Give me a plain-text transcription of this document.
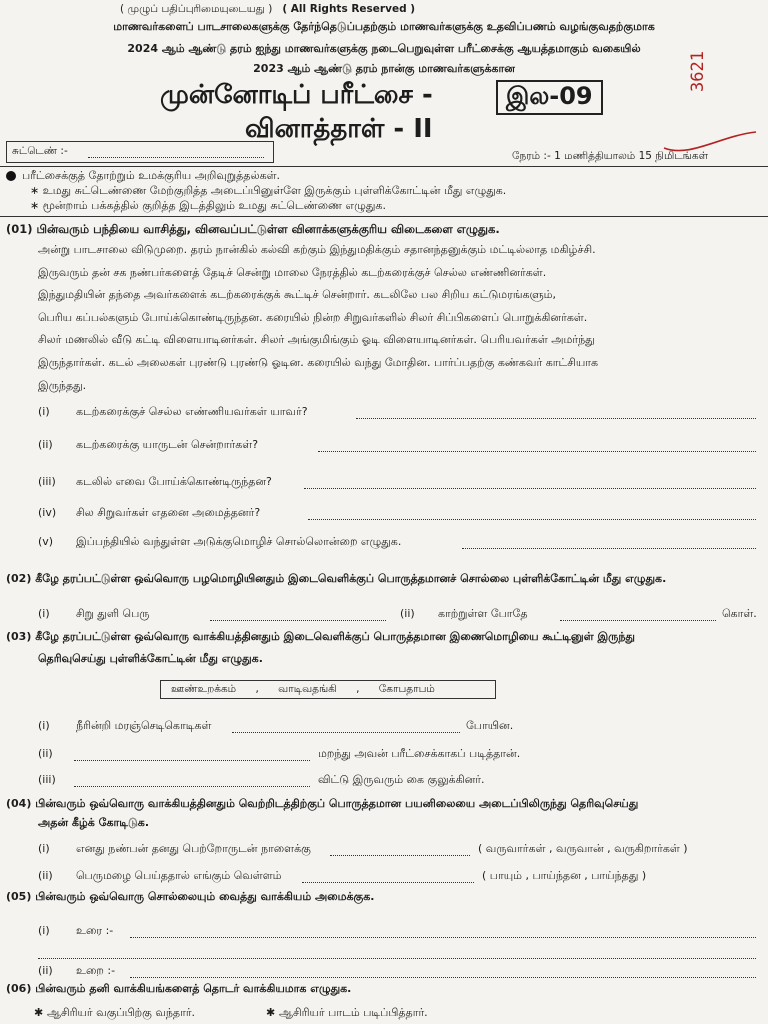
( முழுப் பதிப்புரிமையுடையது ) ( All Rights Reserved )
மாணவர்களைப் பாடசாலைகளுக்கு தேர்ந்தெடுப்பதற்கும் மாணவர்களுக்கு உதவிப்பணம் வழங்குவதற்குமாக
2024 ஆம் ஆண்டு தரம் ஐந்து மாணவர்களுக்கு நடைபெறுவுள்ள பரீட்சைக்கு ஆயத்தமாகும் வகையில்
2023 ஆம் ஆண்டு தரம் நான்கு மாணவர்களுக்கான
முன்னோடிப் பரீட்சை -	இல-09
வினாத்தாள் - II
3621
சுட்டெண் :-	நேரம் :- 1 மணித்தியாலம் 15 நிமிடங்கள்
பரீட்சைக்குத் தோற்றும் உமக்குரிய அறிவுறுத்தல்கள்.
∗ உமது சுட்டெண்ணை மேற்குறித்த அடைப்பினுள்ளே இருக்கும் புள்ளிக்கோட்டின் மீது எழுதுக.
∗ மூன்றாம் பக்கத்தில் குறித்த இடத்திலும் உமது சுட்டெண்ணை எழுதுக.
(01) பின்வரும் பந்தியை வாசித்து, வினவப்பட்டுள்ள வினாக்களுக்குரிய விடைகளை எழுதுக.
அன்று பாடசாலை விடுமுறை. தரம் நான்கில் கல்வி கற்கும் இந்துமதிக்கும் சதானந்தனுக்கும் மட்டில்லாத மகிழ்ச்சி.
இருவரும் தன் சக நண்பர்களைத் தேடிச் சென்று மாலை நேரத்தில் கடற்கரைக்குச் செல்ல எண்ணினர்கள்.
இந்துமதியின் தந்தை அவர்களைக் கடற்கரைக்குக் கூட்டிச் சென்றார். கடலிலே பல சிறிய கட்டுமரங்களும்,
பெரிய கப்பல்களும் போய்க்கொண்டிருந்தன. கரையில் நின்ற சிறுவர்களில் சிலர் சிப்பிகளைப் பொறுக்கினர்கள்.
சிலர் மணலில் வீடு கட்டி விளையாடினர்கள். சிலர் அங்குமிங்கும் ஓடி விளையாடினர்கள். பெரியவர்கள் அமர்ந்து
இருந்தார்கள். கடல் அலைகள் புரண்டு புரண்டு ஓடின. கரையில் வந்து மோதின. பார்ப்பதற்கு கண்கவர் காட்சியாக
இருந்தது.
(i) கடற்கரைக்குச் செல்ல எண்ணியவர்கள் யாவர்?
(ii) கடற்கரைக்கு யாருடன் சென்றார்கள்?
(iii) கடலில் எவை போய்க்கொண்டிருந்தன?
(iv) சில சிறுவர்கள் எதனை அமைத்தனர்?
(v) இப்பந்தியில் வந்துள்ள அடுக்குமொழிச் சொல்லொன்றை எழுதுக.
(02) கீழே தரப்பட்டுள்ள ஒவ்வொரு பழமொழியினதும் இடைவெளிக்குப் பொருத்தமானச் சொல்லை புள்ளிக்கோட்டின் மீது எழுதுக.
(i) சிறு துளி பெரு	(ii) காற்றுள்ள போதே	கொள்.
(03) கீழே தரப்பட்டுள்ள ஒவ்வொரு வாக்கியத்தினதும் இடைவெளிக்குப் பொருத்தமான இணைமொழியை கூட்டினுள் இருந்து
தெரிவுசெய்து புள்ளிக்கோட்டின் மீது எழுதுக.
ஊண்உறக்கம் , வாடிவதங்கி , கோபதாபம்
(i) நீரின்றி மரஞ்செடிகொடிகள்	போயின.
(ii)	மறந்து அவன் பரீட்சைக்காகப் படித்தான்.
(iii)	விட்டு இருவரும் கை குலுக்கினர்.
(04) பின்வரும் ஒவ்வொரு வாக்கியத்தினதும் வெற்றிடத்திற்குப் பொருத்தமான பயனிலையை அடைப்பிலிருந்து தெரிவுசெய்து
அதன் கீழ்க் கோடிடுக.
(i) எனது நண்பன் தனது பெற்றோருடன் நாளைக்கு	( வருவார்கள் , வருவான் , வருகிறார்கள் )
(ii) பெருமழை பெய்ததால் எங்கும் வெள்ளம்	( பாயும் , பாய்ந்தன , பாய்ந்தது )
(05) பின்வரும் ஒவ்வொரு சொல்லையும் வைத்து வாக்கியம் அமைக்குக.
(i) உரை :-
(ii) உறை :-
(06) பின்வரும் தனி வாக்கியங்களைத் தொடர் வாக்கியமாக எழுதுக.
✱ ஆசிரியர் வகுப்பிற்கு வந்தார்.	✱ ஆசிரியர் பாடம் படிப்பித்தார்.
